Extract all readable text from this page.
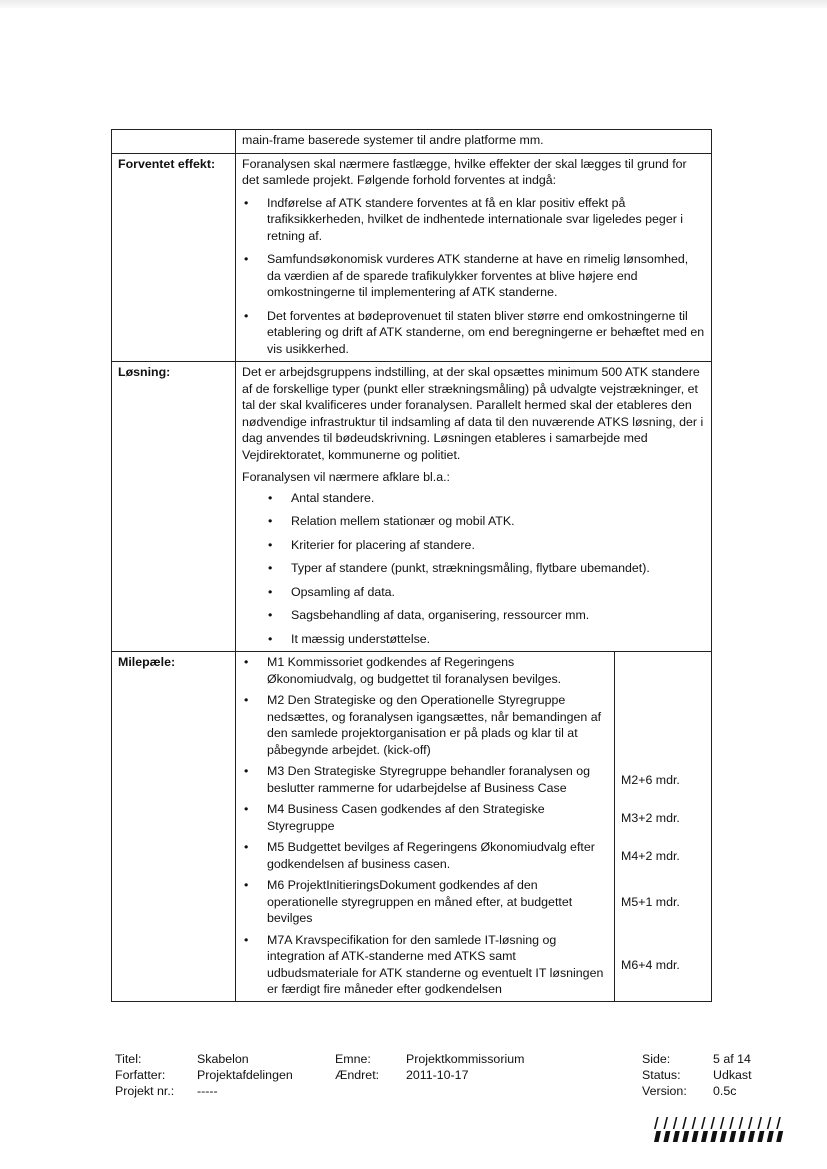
	main-frame baserede systemer til andre platforme mm.
Forventet effekt:	Foranalysen skal nærmere fastlægge, hvilke effekter der skal lægges til grund for det samlede projekt. Følgende forhold forventes at indgå:

• Indførelse af ATK standere forventes at få en klar positiv effekt på trafiksikkerheden, hvilket de indhentede internationale svar ligeledes peger i retning af.
• Samfundsøkonomisk vurderes ATK standerne at have en rimelig lønsomhed, da værdien af de sparede trafikulykker forventes at blive højere end omkostningerne til implementering af ATK standerne.
• Det forventes at bødeprovenuet til staten bliver større end omkostningerne til etablering og drift af ATK standerne, om end beregningerne er behæftet med en vis usikkerhed.

Løsning:	Det er arbejdsgruppens indstilling, at der skal opsættes minimum 500 ATK standere af de forskellige typer (punkt eller strækningsmåling) på udvalgte vejstrækninger, et tal der skal kvalificeres under foranalysen. Parallelt hermed skal der etableres den nødvendige infrastruktur til indsamling af data til den nuværende ATKS løsning, der i dag anvendes til bødeudskrivning. Løsningen etableres i samarbejde med Vejdirektoratet, kommunerne og politiet.

Foranalysen vil nærmere afklare bl.a.:

• Antal standere.
• Relation mellem stationær og mobil ATK.
• Kriterier for placering af standere.
• Typer af standere (punkt, strækningsmåling, flytbare ubemandet).
• Opsamling af data.
• Sagsbehandling af data, organisering, ressourcer mm.
• It mæssig understøttelse.

Milepæle:	
•	M1 Kommissoriet godkendes af Regeringens Økonomiudvalg, og budgettet til foranalysen bevilges.

• M2 Den Strategiske og den Operationelle Styregruppe nedsættes, og foranalysen igangsættes, når bemandingen af den samlede projektorganisation er på plads og klar til at påbegynde arbejdet. (kick-off)

• M3 Den Strategiske Styregruppe behandler foranalysen og beslutter rammerne for udarbejdelse af Business Case
	M2+6 mdr.

• M4 Business Casen godkendes af den Strategiske Styregruppe
	M3+2 mdr.

• M5 Budgettet bevilges af Regeringens Økonomiudvalg efter godkendelsen af business casen.
	M4+2 mdr.

• M6 ProjektInitieringsDokument godkendes af den operationelle styregruppen en måned efter, at budgettet bevilges
	M5+1 mdr.

• M7A Kravspecifikation for den samlede IT-løsning og integration af ATK-standerne med ATKS samt udbudsmateriale for ATK standerne og eventuelt IT løsningen er færdigt fire måneder efter godkendelsen
	M6+4 mdr.
Titel:	Skabelon	Emne:	Projektkommissorium	Side:	5 af 14
Forfatter:	Projektafdelingen	Ændret: 2011-10-17	Status:	Udkast
Projekt nr.: -----	Version: 0.5c
